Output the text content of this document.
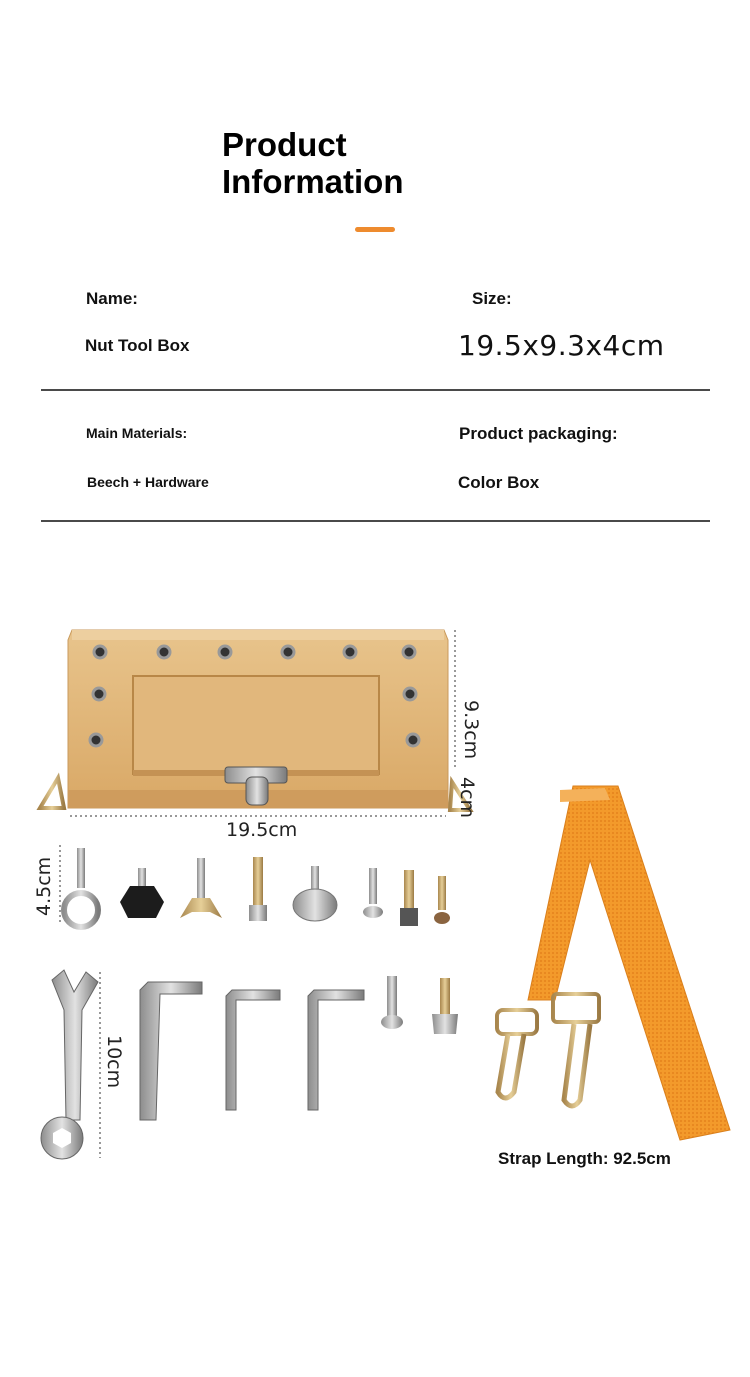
Product
Information
Name:	Size:
Nut Tool Box	19.5x9.3x4cm
Main Materials:	Product packaging:
Beech + Hardware	Color Box
9.3cm
4cm
19.5cm
4.5cm
10cm
Strap Length: 92.5cm
